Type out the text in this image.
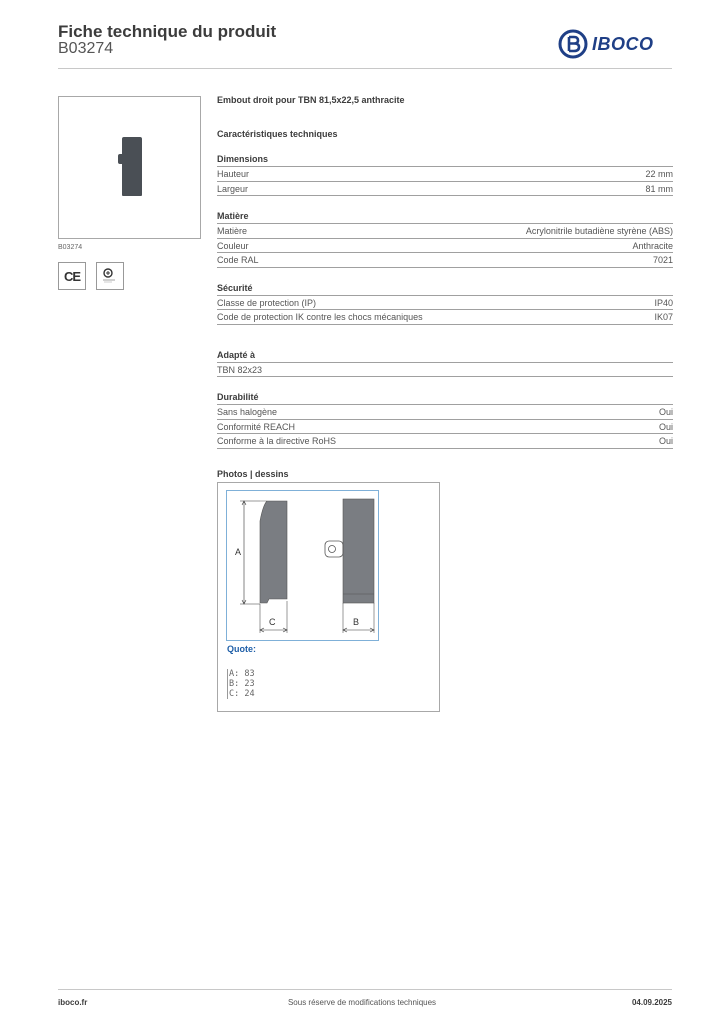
Fiche technique du produit
B03274	IBOCO
B03274
CE
Embout droit pour TBN 81,5x22,5 anthracite
Caractéristiques techniques
Dimensions
Hauteur	22 mm
Largeur	81 mm
Matière
Matière	Acrylonitrile butadiène styrène (ABS)
Couleur	Anthracite
Code RAL	7021
Sécurité
Classe de protection (IP)	IP40
Code de protection IK contre les chocs mécaniques	IK07
Adapté à
TBN 82x23
Durabilité
Sans halogène	Oui
Conformité REACH	Oui
Conforme à la directive RoHS	Oui
Photos | dessins
A
C	B
Quote:
A: 83
B: 23
C: 24
iboco.fr	Sous réserve de modifications techniques	04.09.2025
